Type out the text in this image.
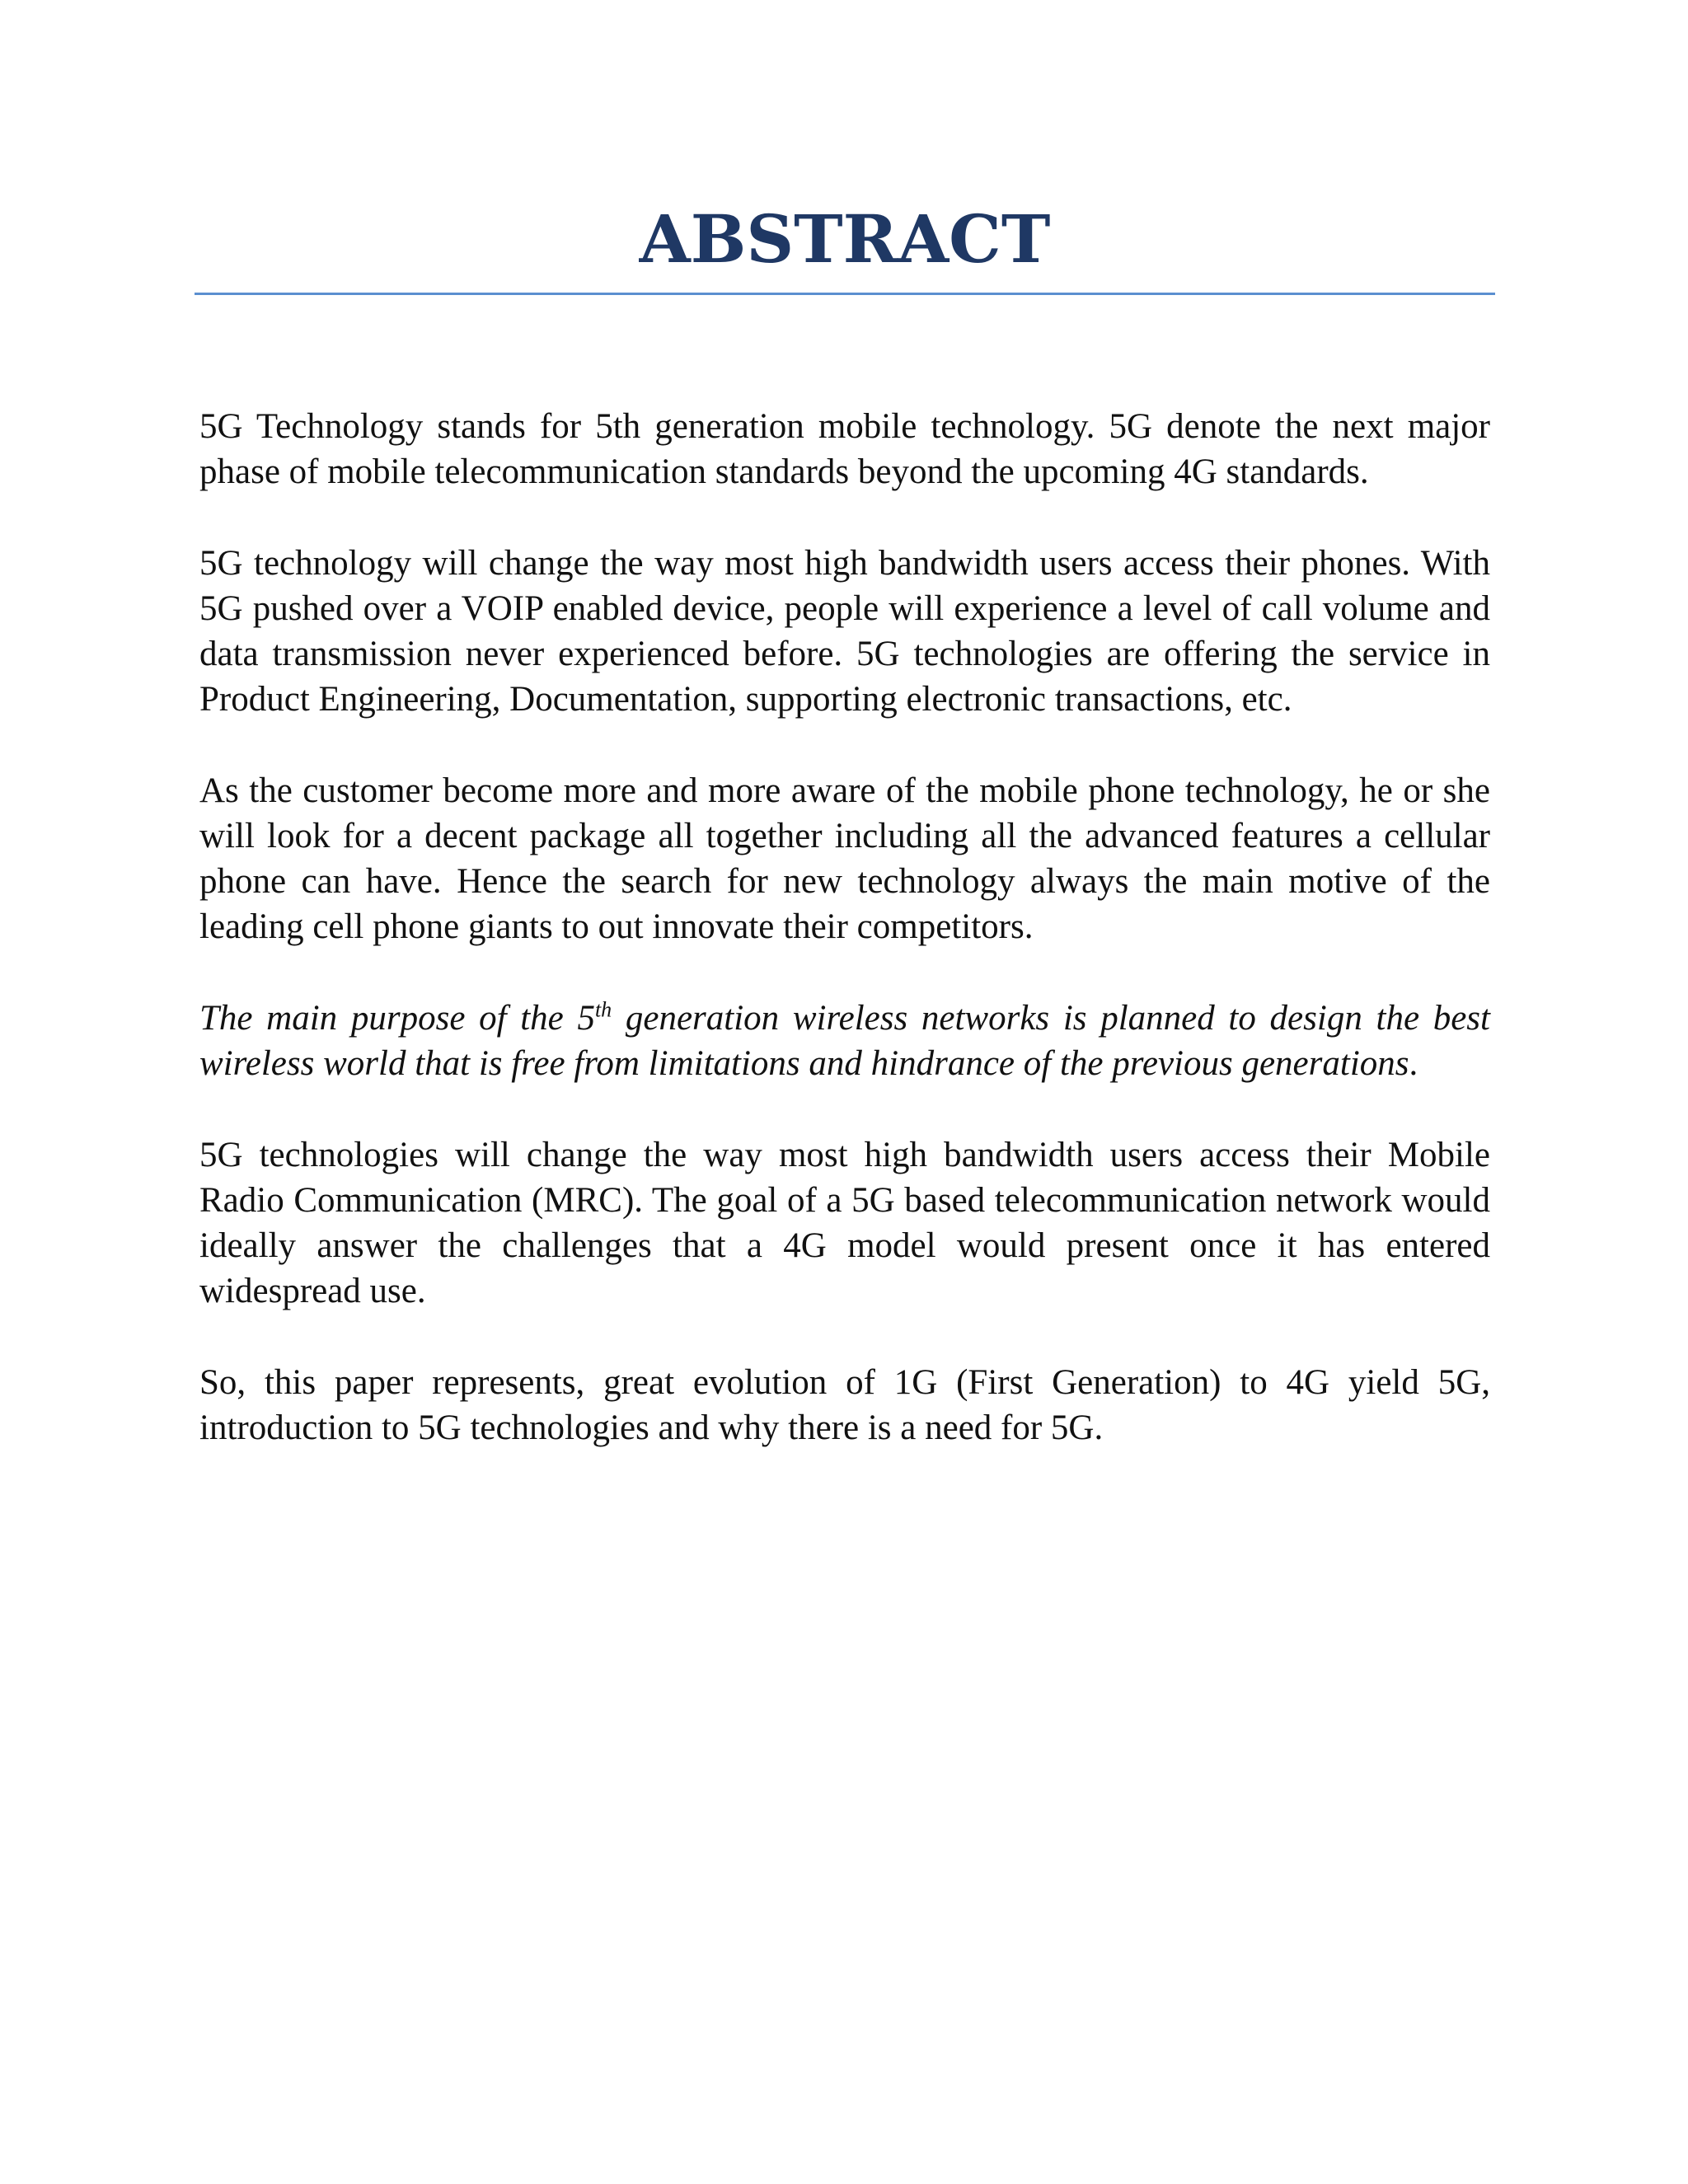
ABSTRACT

5G Technology stands for 5th generation mobile technology. 5G denote the next major phase of mobile telecommunication standards beyond the upcoming 4G standards.

5G technology will change the way most high bandwidth users access their phones. With 5G pushed over a VOIP enabled device, people will experience a level of call volume and data transmission never experienced before. 5G technologies are offering the service in Product Engineering, Documentation, supporting electronic transactions, etc.

As the customer become more and more aware of the mobile phone technology, he or she will look for a decent package all together including all the advanced features a cellular phone can have. Hence the search for new technology always the main motive of the leading cell phone giants to out innovate their competitors.

The main purpose of the 5th generation wireless networks is planned to design the best wireless world that is free from limitations and hindrance of the previous generations.

5G technologies will change the way most high bandwidth users access their Mobile Radio Communication (MRC). The goal of a 5G based telecommunication network would ideally answer the challenges that a 4G model would present once it has entered widespread use.

So, this paper represents, great evolution of 1G (First Generation) to 4G yield 5G, introduction to 5G technologies and why there is a need for 5G.
